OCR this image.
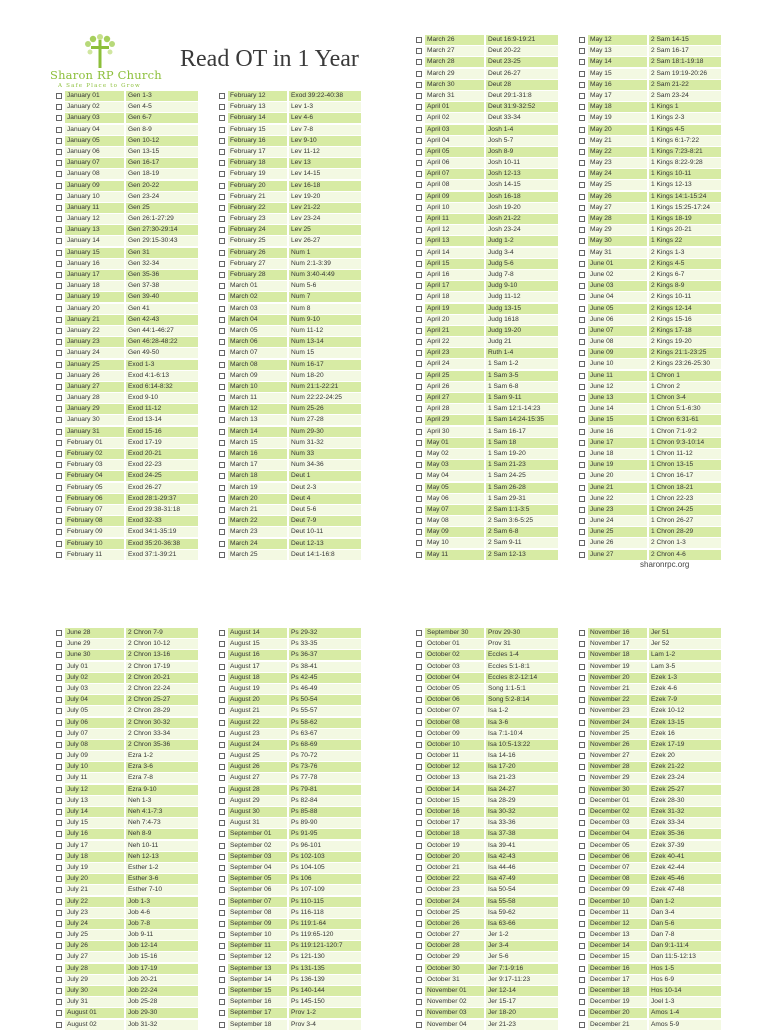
Sharon RP Church
A Safe Place to Grow
Read OT in 1 Year
January 01	Gen 1-3
January 02	Gen 4-5
January 03	Gen 6-7
January 04	Gen 8-9
January 05	Gen 10-12
January 06	Gen 13-15
January 07	Gen 16-17
January 08	Gen 18-19
January 09	Gen 20-22
January 10	Gen 23-24
January 11	Gen 25
January 12	Gen 26:1-27:29
January 13	Gen 27:30-29:14
January 14	Gen 29:15-30:43
January 15	Gen 31
January 16	Gen 32-34
January 17	Gen 35-36
January 18	Gen 37-38
January 19	Gen 39-40
January 20	Gen 41
January 21	Gen 42-43
January 22	Gen 44:1-46:27
January 23	Gen 46:28-48:22
January 24	Gen 49-50
January 25	Exod 1-3
January 26	Exod 4:1-6:13
January 27	Exod 6:14-8:32
January 28	Exod 9-10
January 29	Exod 11-12
January 30	Exod 13-14
January 31	Exod 15-16
February 01	Exod 17-19
February 02	Exod 20-21
February 03	Exod 22-23
February 04	Exod 24-25
February 05	Exod 26-27
February 06	Exod 28:1-29:37
February 07	Exod 29:38-31:18
February 08	Exod 32-33
February 09	Exod 34:1-35:19
February 10	Exod 35:20-36:38
February 11	Exod 37:1-39:21
February 12	Exod 39:22-40:38
February 13	Lev 1-3
February 14	Lev 4-6
February 15	Lev 7-8
February 16	Lev 9-10
February 17	Lev 11-12
February 18	Lev 13
February 19	Lev 14-15
February 20	Lev 16-18
February 21	Lev 19-20
February 22	Lev 21-22
February 23	Lev 23-24
February 24	Lev 25
February 25	Lev 26-27
February 26	Num 1
February 27	Num 2:1-3:39
February 28	Num 3:40-4:49
March 01	Num 5-6
March 02	Num 7
March 03	Num 8
March 04	Num 9-10
March 05	Num 11-12
March 06	Num 13-14
March 07	Num 15
March 08	Num 16-17
March 09	Num 18-20
March 10	Num 21:1-22:21
March 11	Num 22:22-24:25
March 12	Num 25-26
March 13	Num 27-28
March 14	Num 29-30
March 15	Num 31-32
March 16	Num 33
March 17	Num 34-36
March 18	Deut 1
March 19	Deut 2-3
March 20	Deut 4
March 21	Deut 5-6
March 22	Deut 7-9
March 23	Deut 10-11
March 24	Deut 12-13
March 25	Deut 14:1-16:8
March 26	Deut 16:9-19:21
March 27	Deut 20-22
March 28	Deut 23-25
March 29	Deut 26-27
March 30	Deut 28
March 31	Deut 29:1-31:8
April 01	Deut 31:9-32:52
April 02	Deut 33-34
April 03	Josh 1-4
April 04	Josh 5-7
April 05	Josh 8-9
April 06	Josh 10-11
April 07	Josh 12-13
April 08	Josh 14-15
April 09	Josh 16-18
April 10	Josh 19-20
April 11	Josh 21-22
April 12	Josh 23-24
April 13	Judg 1-2
April 14	Judg 3-4
April 15	Judg 5-6
April 16	Judg 7-8
April 17	Judg 9-10
April 18	Judg 11-12
April 19	Judg 13-15
April 20	Judg 1618
April 21	Judg 19-20
April 22	Judg 21
April 23	Ruth 1-4
April 24	1 Sam 1-2
April 25	1 Sam 3-5
April 26	1 Sam 6-8
April 27	1 Sam 9-11
April 28	1 Sam 12:1-14:23
April 29	1 Sam 14:24-15:35
April 30	1 Sam 16-17
May 01	1 Sam 18
May 02	1 Sam 19-20
May 03	1 Sam 21-23
May 04	1 Sam 24-25
May 05	1 Sam 26-28
May 06	1 Sam 29-31
May 07	2 Sam 1:1-3:5
May 08	2 Sam 3:6-5:25
May 09	2 Sam 6-8
May 10	2 Sam 9-11
May 11	2 Sam 12-13
May 12	2 Sam 14-15
May 13	2 Sam 16-17
May 14	2 Sam 18:1-19:18
May 15	2 Sam 19:19-20:26
May 16	2 Sam 21-22
May 17	2 Sam 23-24
May 18	1 Kings 1
May 19	1 Kings 2-3
May 20	1 Kings 4-5
May 21	1 Kings 6:1-7:22
May 22	1 Kings 7:23-8:21
May 23	1 Kings 8:22-9:28
May 24	1 Kings 10-11
May 25	1 Kings 12-13
May 26	1 Kings 14:1-15:24
May 27	1 Kings 15:25-17:24
May 28	1 Kings 18-19
May 29	1 Kings 20-21
May 30	1 Kings 22
May 31	2 Kings 1-3
June 01	2 Kings 4-5
June 02	2 Kings 6-7
June 03	2 Kings 8-9
June 04	2 Kings 10-11
June 05	2 Kings 12-14
June 06	2 Kings 15-16
June 07	2 Kings 17-18
June 08	2 Kings 19-20
June 09	2 Kings 21:1-23:25
June 10	2 Kings 23:26-25:30
June 11	1 Chron 1
June 12	1 Chron 2
June 13	1 Chron 3-4
June 14	1 Chron 5:1-6:30
June 15	1 Chron 6:31-61
June 16	1 Chron 7:1-9:2
June 17	1 Chron 9:3-10:14
June 18	1 Chron 11-12
June 19	1 Chron 13-15
June 20	1 Chron 16-17
June 21	1 Chron 18-21
June 22	1 Chron 22-23
June 23	1 Chron 24-25
June 24	1 Chron 26-27
June 25	1 Chron 28-29
June 26	2 Chron 1-3
June 27	2 Chron 4-6
June 28	2 Chron 7-9
June 29	2 Chron 10-12
June 30	2 Chron 13-16
July 01	2 Chron 17-19
July 02	2 Chron 20-21
July 03	2 Chron 22-24
July 04	2 Chron 25-27
July 05	2 Chron 28-29
July 06	2 Chron 30-32
July 07	2 Chron 33-34
July 08	2 Chron 35-36
July 09	Ezra 1-2
July 10	Ezra 3-6
July 11	Ezra 7-8
July 12	Ezra 9-10
July 13	Neh 1-3
July 14	Neh 4:1-7:3
July 15	Neh 7:4-73
July 16	Neh 8-9
July 17	Neh 10-11
July 18	Neh 12-13
July 19	Esther 1-2
July 20	Esther 3-6
July 21	Esther 7-10
July 22	Job 1-3
July 23	Job 4-6
July 24	Job 7-8
July 25	Job 9-11
July 26	Job 12-14
July 27	Job 15-16
July 28	Job 17-19
July 29	Job 20-21
July 30	Job 22-24
July 31	Job 25-28
August 01	Job 29-30
August 02	Job 31-32
August 14	Ps 29-32
August 15	Ps 33-35
August 16	Ps 36-37
August 17	Ps 38-41
August 18	Ps 42-45
August 19	Ps 46-49
August 20	Ps 50-54
August 21	Ps 55-57
August 22	Ps 58-62
August 23	Ps 63-67
August 24	Ps 68-69
August 25	Ps 70-72
August 26	Ps 73-76
August 27	Ps 77-78
August 28	Ps 79-81
August 29	Ps 82-84
August 30	Ps 85-88
August 31	Ps 89-90
September 01	Ps 91-95
September 02	Ps 96-101
September 03	Ps 102-103
September 04	Ps 104-105
September 05	Ps 106
September 06	Ps 107-109
September 07	Ps 110-115
September 08	Ps 116-118
September 09	Ps 119:1-64
September 10	Ps 119:65-120
September 11	Ps 119:121-120:7
September 12	Ps 121-130
September 13	Ps 131-135
September 14	Ps 136-139
September 15	Ps 140-144
September 16	Ps 145-150
September 17	Prov 1-2
September 18	Prov 3-4
September 30	Prov 29-30
October 01	Prov 31
October 02	Eccles 1-4
October 03	Eccles 5:1-8:1
October 04	Eccles 8:2-12:14
October 05	Song 1:1-5:1
October 06	Song 5:2-8:14
October 07	Isa 1-2
October 08	Isa 3-6
October 09	Isa 7:1-10:4
October 10	Isa 10:5-13:22
October 11	Isa 14-16
October 12	Isa 17-20
October 13	Isa 21-23
October 14	Isa 24-27
October 15	Isa 28-29
October 16	Isa 30-32
October 17	Isa 33-36
October 18	Isa 37-38
October 19	Isa 39-41
October 20	Isa 42-43
October 21	Isa 44-46
October 22	Isa 47-49
October 23	Isa 50-54
October 24	Isa 55-58
October 25	Isa 59-62
October 26	Isa 63-66
October 27	Jer 1-2
October 28	Jer 3-4
October 29	Jer 5-6
October 30	Jer 7:1-9:16
October 31	Jer 9:17-11:23
November 01	Jer 12-14
November 02	Jer 15-17
November 03	Jer 18-20
November 04	Jer 21-23
November 16	Jer 51
November 17	Jer 52
November 18	Lam 1-2
November 19	Lam 3-5
November 20	Ezek 1-3
November 21	Ezek 4-6
November 22	Ezek 7-9
November 23	Ezek 10-12
November 24	Ezek 13-15
November 25	Ezek 16
November 26	Ezek 17-19
November 27	Ezek 20
November 28	Ezek 21-22
November 29	Ezek 23-24
November 30	Ezek 25-27
December 01	Ezek 28-30
December 02	Ezek 31-32
December 03	Ezek 33-34
December 04	Ezek 35-36
December 05	Ezek 37-39
December 06	Ezek 40-41
December 07	Ezek 42-44
December 08	Ezek 45-46
December 09	Ezek 47-48
December 10	Dan 1-2
December 11	Dan 3-4
December 12	Dan 5-6
December 13	Dan 7-8
December 14	Dan 9:1-11:4
December 15	Dan 11:5-12:13
December 16	Hos 1-5
December 17	Hos 6-9
December 18	Hos 10-14
December 19	Joel 1-3
December 20	Amos 1-4
December 21	Amos 5-9
sharonrpc.org
